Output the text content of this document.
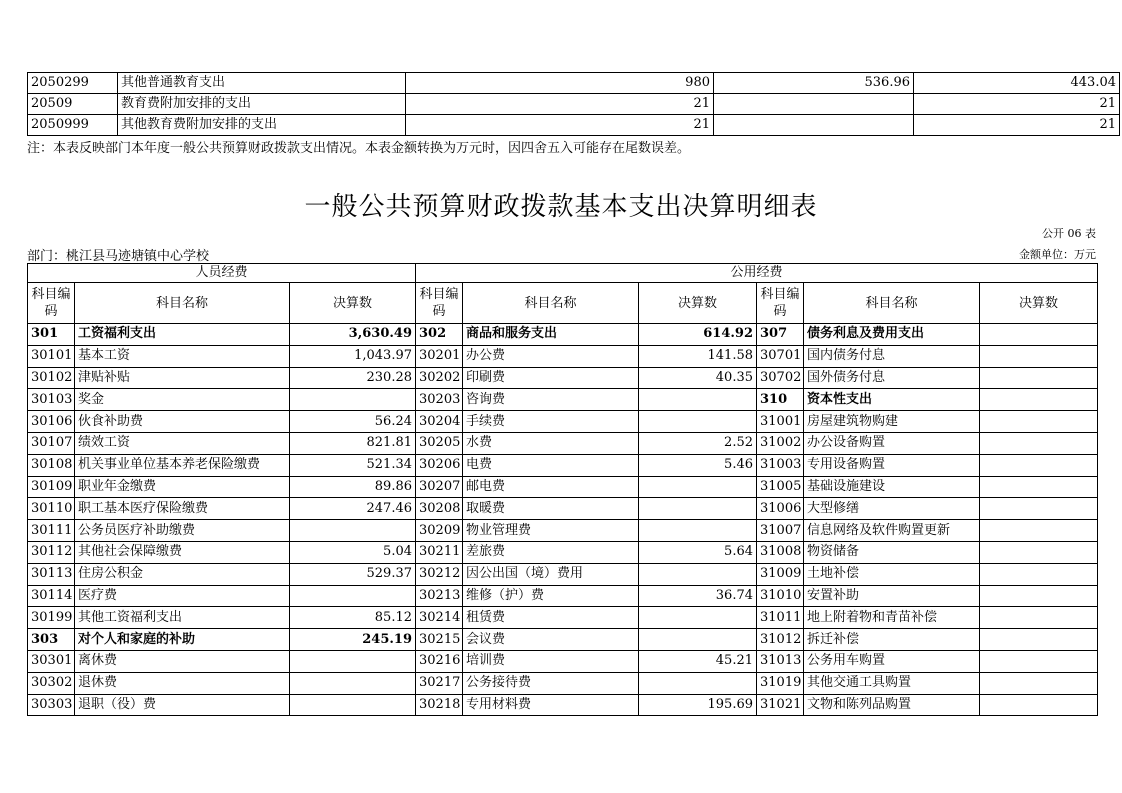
2050299	其他普通教育支出	980	536.96	443.04
20509	教育费附加安排的支出	21		21
2050999	其他教育费附加安排的支出	21		21
注：本表反映部门本年度一般公共预算财政拨款支出情况。本表金额转换为万元时，因四舍五入可能存在尾数误差。
一般公共预算财政拨款基本支出决算明细表
公开 06 表
部门：桃江县马迹塘镇中心学校	金额单位：万元
人员经费			公用经费					
科目编码	科目名称	决算数	科目编码	科目名称	决算数	科目编码	科目名称	决算数
301	工资福利支出	3,630.49	302	商品和服务支出	614.92	307	债务利息及费用支出	
30101	基本工资	1,043.97	30201	办公费	141.58	30701	国内债务付息	
30102	津贴补贴	230.28	30202	印刷费	40.35	30702	国外债务付息	
30103	奖金		30203	咨询费		310	资本性支出	
30106	伙食补助费	56.24	30204	手续费		31001	房屋建筑物购建	
30107	绩效工资	821.81	30205	水费	2.52	31002	办公设备购置	
30108	机关事业单位基本养老保险缴费	521.34	30206	电费	5.46	31003	专用设备购置	
30109	职业年金缴费	89.86	30207	邮电费		31005	基础设施建设	
30110	职工基本医疗保险缴费	247.46	30208	取暖费		31006	大型修缮	
30111	公务员医疗补助缴费		30209	物业管理费		31007	信息网络及软件购置更新	
30112	其他社会保障缴费	5.04	30211	差旅费	5.64	31008	物资储备	
30113	住房公积金	529.37	30212	因公出国（境）费用		31009	土地补偿	
30114	医疗费		30213	维修（护）费	36.74	31010	安置补助	
30199	其他工资福利支出	85.12	30214	租赁费		31011	地上附着物和青苗补偿	
303	对个人和家庭的补助	245.19	30215	会议费		31012	拆迁补偿	
30301	离休费		30216	培训费	45.21	31013	公务用车购置	
30302	退休费		30217	公务接待费		31019	其他交通工具购置	
30303	退职（役）费		30218	专用材料费	195.69	31021	文物和陈列品购置	
